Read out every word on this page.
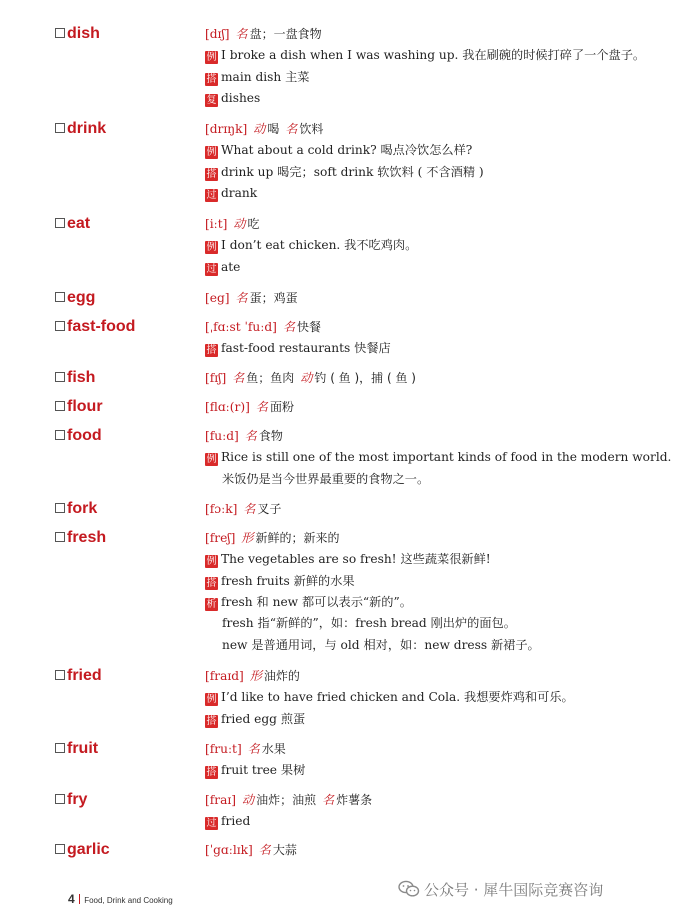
dish	[dɪʃ] 名 盘；一盘食物
例 I broke a dish when I was washing up. 我在刷碗的时候打碎了一个盘子。
搭 main dish 主菜
复 dishes
drink	[drɪŋk] 动 喝 名 饮料
例 What about a cold drink? 喝点冷饮怎么样?
搭 drink up 喝完；soft drink 软饮料 ( 不含酒精 )
过 drank
eat	[iːt] 动 吃
例 I don’t eat chicken. 我不吃鸡肉。
过 ate
egg	[eg] 名 蛋；鸡蛋
fast-food	[ˌfɑːst ˈfuːd] 名 快餐
搭 fast-food restaurants 快餐店
fish	[fɪʃ] 名 鱼；鱼肉 动 钓 ( 鱼 )，捕 ( 鱼 )
flour	[flɑː(r)] 名 面粉
food	[fuːd] 名 食物
例 Rice is still one of the most important kinds of food in the modern world.
米饭仍是当今世界最重要的食物之一。
fork	[fɔːk] 名 叉子
fresh	[freʃ] 形 新鲜的；新来的
例 The vegetables are so fresh! 这些蔬菜很新鲜!
搭 fresh fruits 新鲜的水果
析 fresh 和 new 都可以表示“新的”。
fresh 指“新鲜的”，如：fresh bread 刚出炉的面包。
new 是普通用词，与 old 相对，如：new dress 新裙子。
fried	[fraɪd] 形 油炸的
例 I’d like to have fried chicken and Cola. 我想要炸鸡和可乐。
搭 fried egg 煎蛋
fruit	[fruːt] 名 水果
搭 fruit tree 果树
fry	[fraɪ] 动 油炸；油煎 名 炸薯条
过 fried
garlic	[ˈgɑːlɪk] 名 大蒜
4 Food, Drink and Cooking
公众号 · 犀牛国际竞赛咨询
